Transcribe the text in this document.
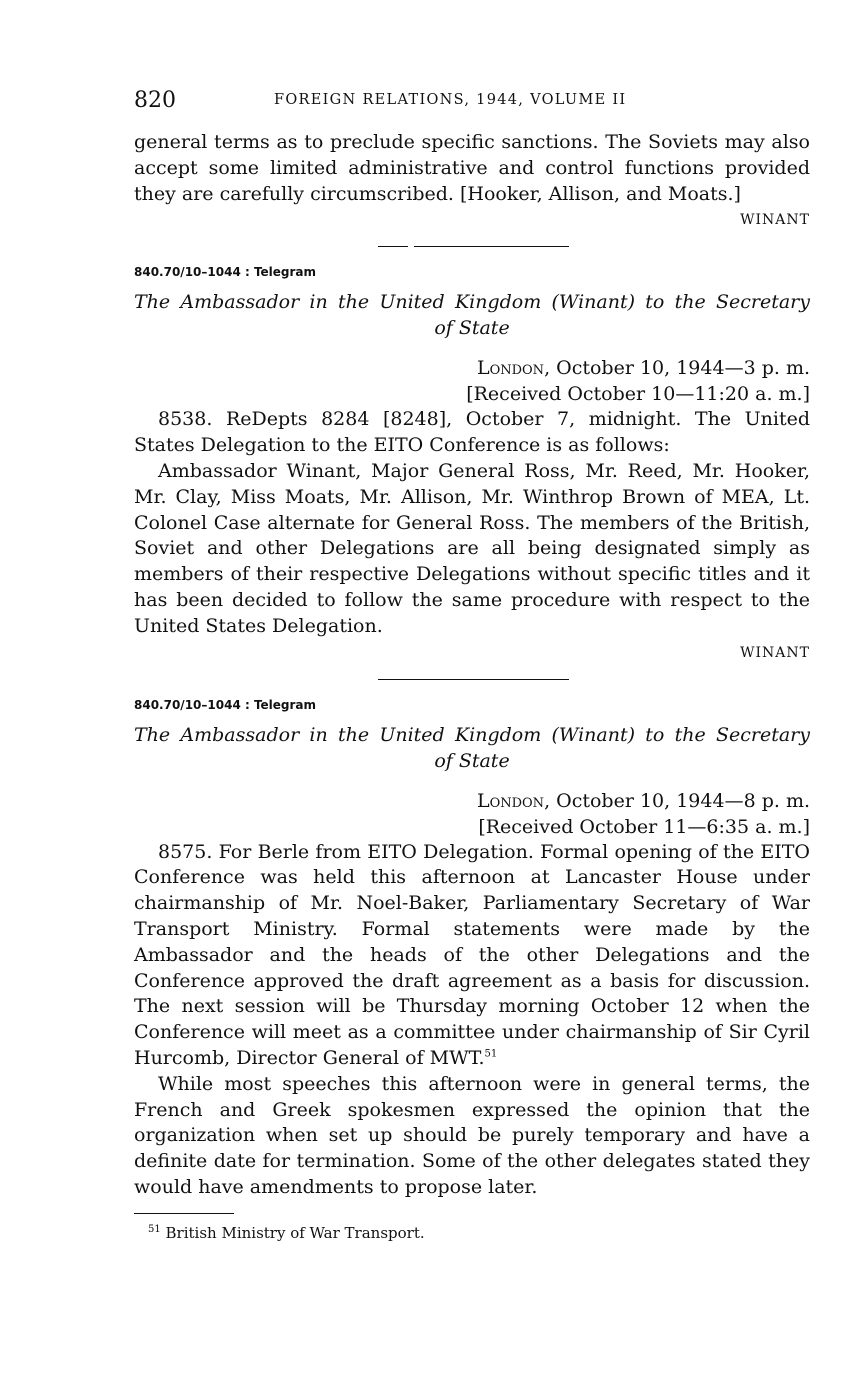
820	FOREIGN RELATIONS, 1944, VOLUME II

general terms as to preclude specific sanctions. The Soviets may also accept some limited administrative and control functions provided they are carefully circumscribed. [Hooker, Allison, and Moats.]

WINANT
840.70/10–1044 : Telegram
The Ambassador in the United Kingdom (Winant) to the Secretary
of State
London, October 10, 1944—3 p. m.
[Received October 10—11:20 a. m.]

8538. ReDepts 8284 [8248], October 7, midnight. The United States Delegation to the EITO Conference is as follows:

Ambassador Winant, Major General Ross, Mr. Reed, Mr. Hooker, Mr. Clay, Miss Moats, Mr. Allison, Mr. Winthrop Brown of MEA, Lt. Colonel Case alternate for General Ross. The members of the British, Soviet and other Delegations are all being designated simply as members of their respective Delegations without specific titles and it has been decided to follow the same procedure with respect to the United States Delegation.

WINANT
840.70/10–1044 : Telegram
The Ambassador in the United Kingdom (Winant) to the Secretary
of State
London, October 10, 1944—8 p. m.
[Received October 11—6:35 a. m.]

8575. For Berle from EITO Delegation. Formal opening of the EITO Conference was held this afternoon at Lancaster House under chairmanship of Mr. Noel-Baker, Parliamentary Secretary of War Transport Ministry. Formal statements were made by the Ambassador and the heads of the other Delegations and the Conference approved the draft agreement as a basis for discussion. The next session will be Thursday morning October 12 when the Conference will meet as a committee under chairmanship of Sir Cyril Hurcomb, Director General of MWT.$^{51}$

While most speeches this afternoon were in general terms, the French and Greek spokesmen expressed the opinion that the organization when set up should be purely temporary and have a definite date for termination. Some of the other delegates stated they would have amendments to propose later.

$^{51}$ British Ministry of War Transport.
